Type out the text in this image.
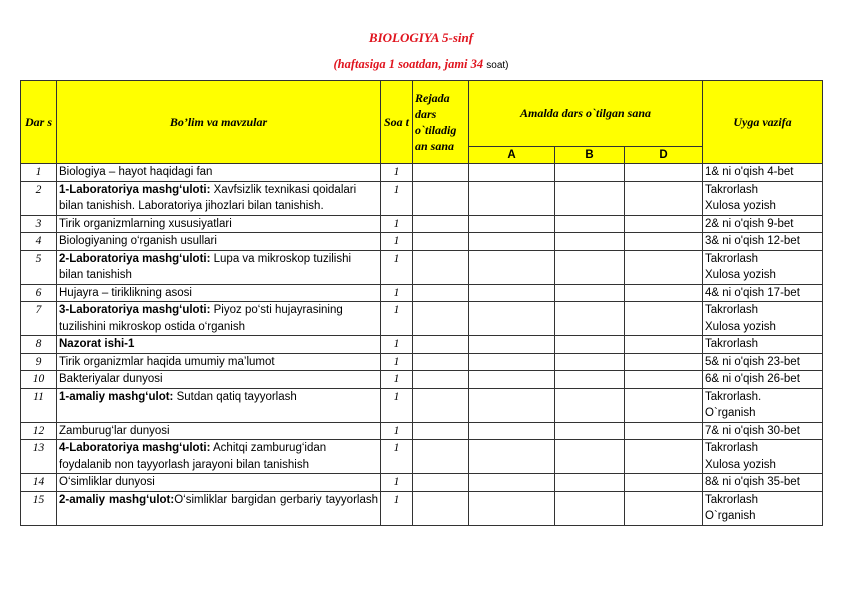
BIOLOGIYA 5-sinf
(haftasiga 1 soatdan, jami 34 soat)
Dar s	Bo’lim va mavzular	Soa t	Rejada dars o`tiladig an sana	Amalda dars o`tilgan sana			Uyga vazifa
				A	B	D	
1	Biologiya – hayot haqidagi fan	1					1& ni o'qish 4-bet
2	1-Laboratoriya mashg‘uloti: Xavfsizlik texnikasi qoidalari bilan tanishish. Laboratoriya jihozlari bilan tanishish.	1					Takrorlash
Xulosa yozish
3	Tirik organizmlarning xususiyatlari	1					2& ni o'qish 9-bet
4	Biologiyaning o‘rganish usullari	1					3& ni o'qish 12-bet
5	2-Laboratoriya mashg‘uloti: Lupa va mikroskop tuzilishi bilan tanishish	1					Takrorlash
Xulosa yozish
6	Hujayra – tiriklikning asosi	1					4& ni o'qish 17-bet
7	3-Laboratoriya mashg‘uloti: Piyoz po‘sti hujayrasining tuzilishini mikroskop ostida o‘rganish	1					Takrorlash
Xulosa yozish
8	Nazorat ishi-1	1					Takrorlash
9	Tirik organizmlar haqida umumiy ma’lumot	1					5& ni o'qish 23-bet
10	Bakteriyalar dunyosi	1					6& ni o'qish 26-bet
11	1-amaliy mashg‘ulot: Sutdan qatiq tayyorlash	1					Takrorlash.
O`rganish
12	Zamburug‘lar dunyosi	1					7& ni o'qish 30-bet
13	4-Laboratoriya mashg‘uloti: Achitqi zamburug‘idan foydalanib non tayyorlash jarayoni bilan tanishish	1					Takrorlash
Xulosa yozish
14	O‘simliklar dunyosi	1					8& ni o'qish 35-bet
15	2-amaliy mashg‘ulot:O‘simliklar bargidan gerbariy tayyorlash	1					Takrorlash
O`rganish
